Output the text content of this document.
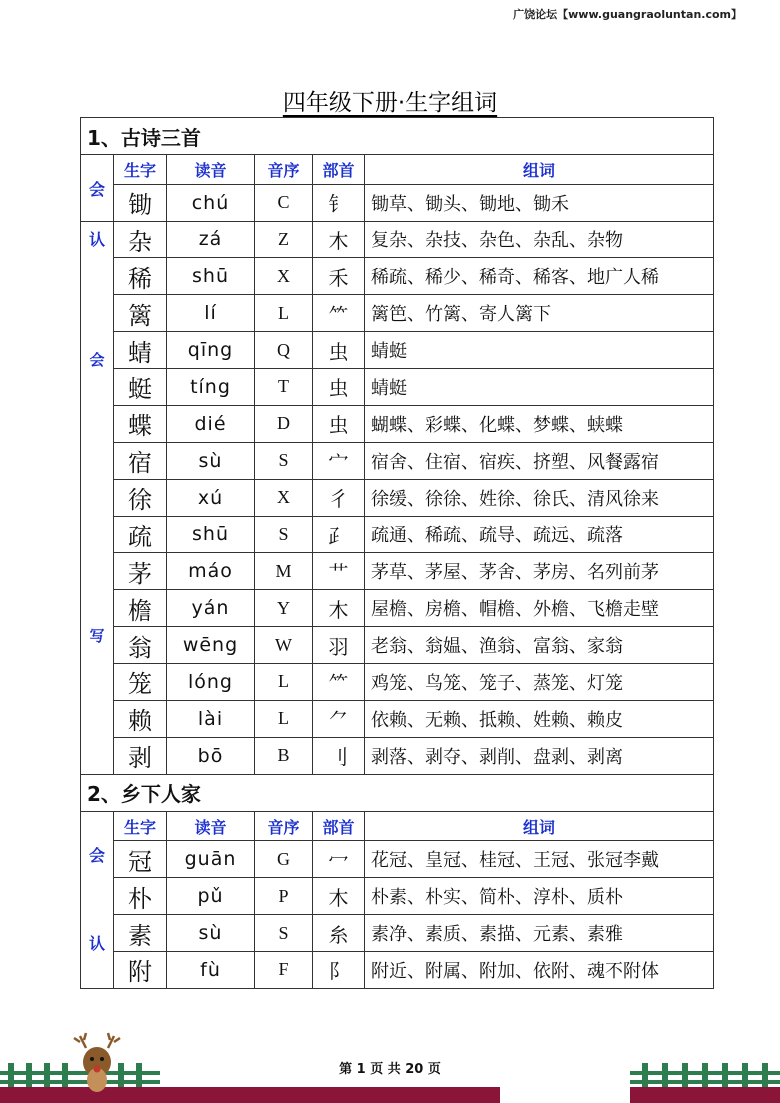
广饶论坛【www.guangraoluntan.com】
四年级下册·生字组词
1、古诗三首					

会
认	生字	读音	音序	部首	组词
	锄	chú	C	钅	锄草、锄头、锄地、锄禾

会
写	杂	zá	Z	木	复杂、杂技、杂色、杂乱、杂物
	稀	shū	X	禾	稀疏、稀少、稀奇、稀客、地广人稀
	篱	lí	L	⺮	篱笆、竹篱、寄人篱下
	蜻	qīng	Q	虫	蜻蜓
	蜓	tíng	T	虫	蜻蜓
	蝶	dié	D	虫	蝴蝶、彩蝶、化蝶、梦蝶、蛱蝶
	宿	sù	S	宀	宿舍、住宿、宿疾、挤塑、风餐露宿
	徐	xú	X	彳	徐缓、徐徐、姓徐、徐氏、清风徐来
	疏	shū	S	⺪	疏通、稀疏、疏导、疏远、疏落
	茅	máo	M	艹	茅草、茅屋、茅舍、茅房、名列前茅
	檐	yán	Y	木	屋檐、房檐、帽檐、外檐、飞檐走壁
	翁	wēng	W	羽	老翁、翁媪、渔翁、富翁、家翁
	笼	lóng	L	⺮	鸡笼、鸟笼、笼子、蒸笼、灯笼
	赖	lài	L	⺈	依赖、无赖、抵赖、姓赖、赖皮
	剥	bō	B	刂	剥落、剥夺、剥削、盘剥、剥离
2、乡下人家					

会
认	生字	读音	音序	部首	组词
	冠	guān	G	冖	花冠、皇冠、桂冠、王冠、张冠李戴
	朴	pǔ	P	木	朴素、朴实、简朴、淳朴、质朴
	素	sù	S	糸	素净、素质、素描、元素、素雅
	附	fù	F	阝	附近、附属、附加、依附、魂不附体
第 1 页 共 20 页
